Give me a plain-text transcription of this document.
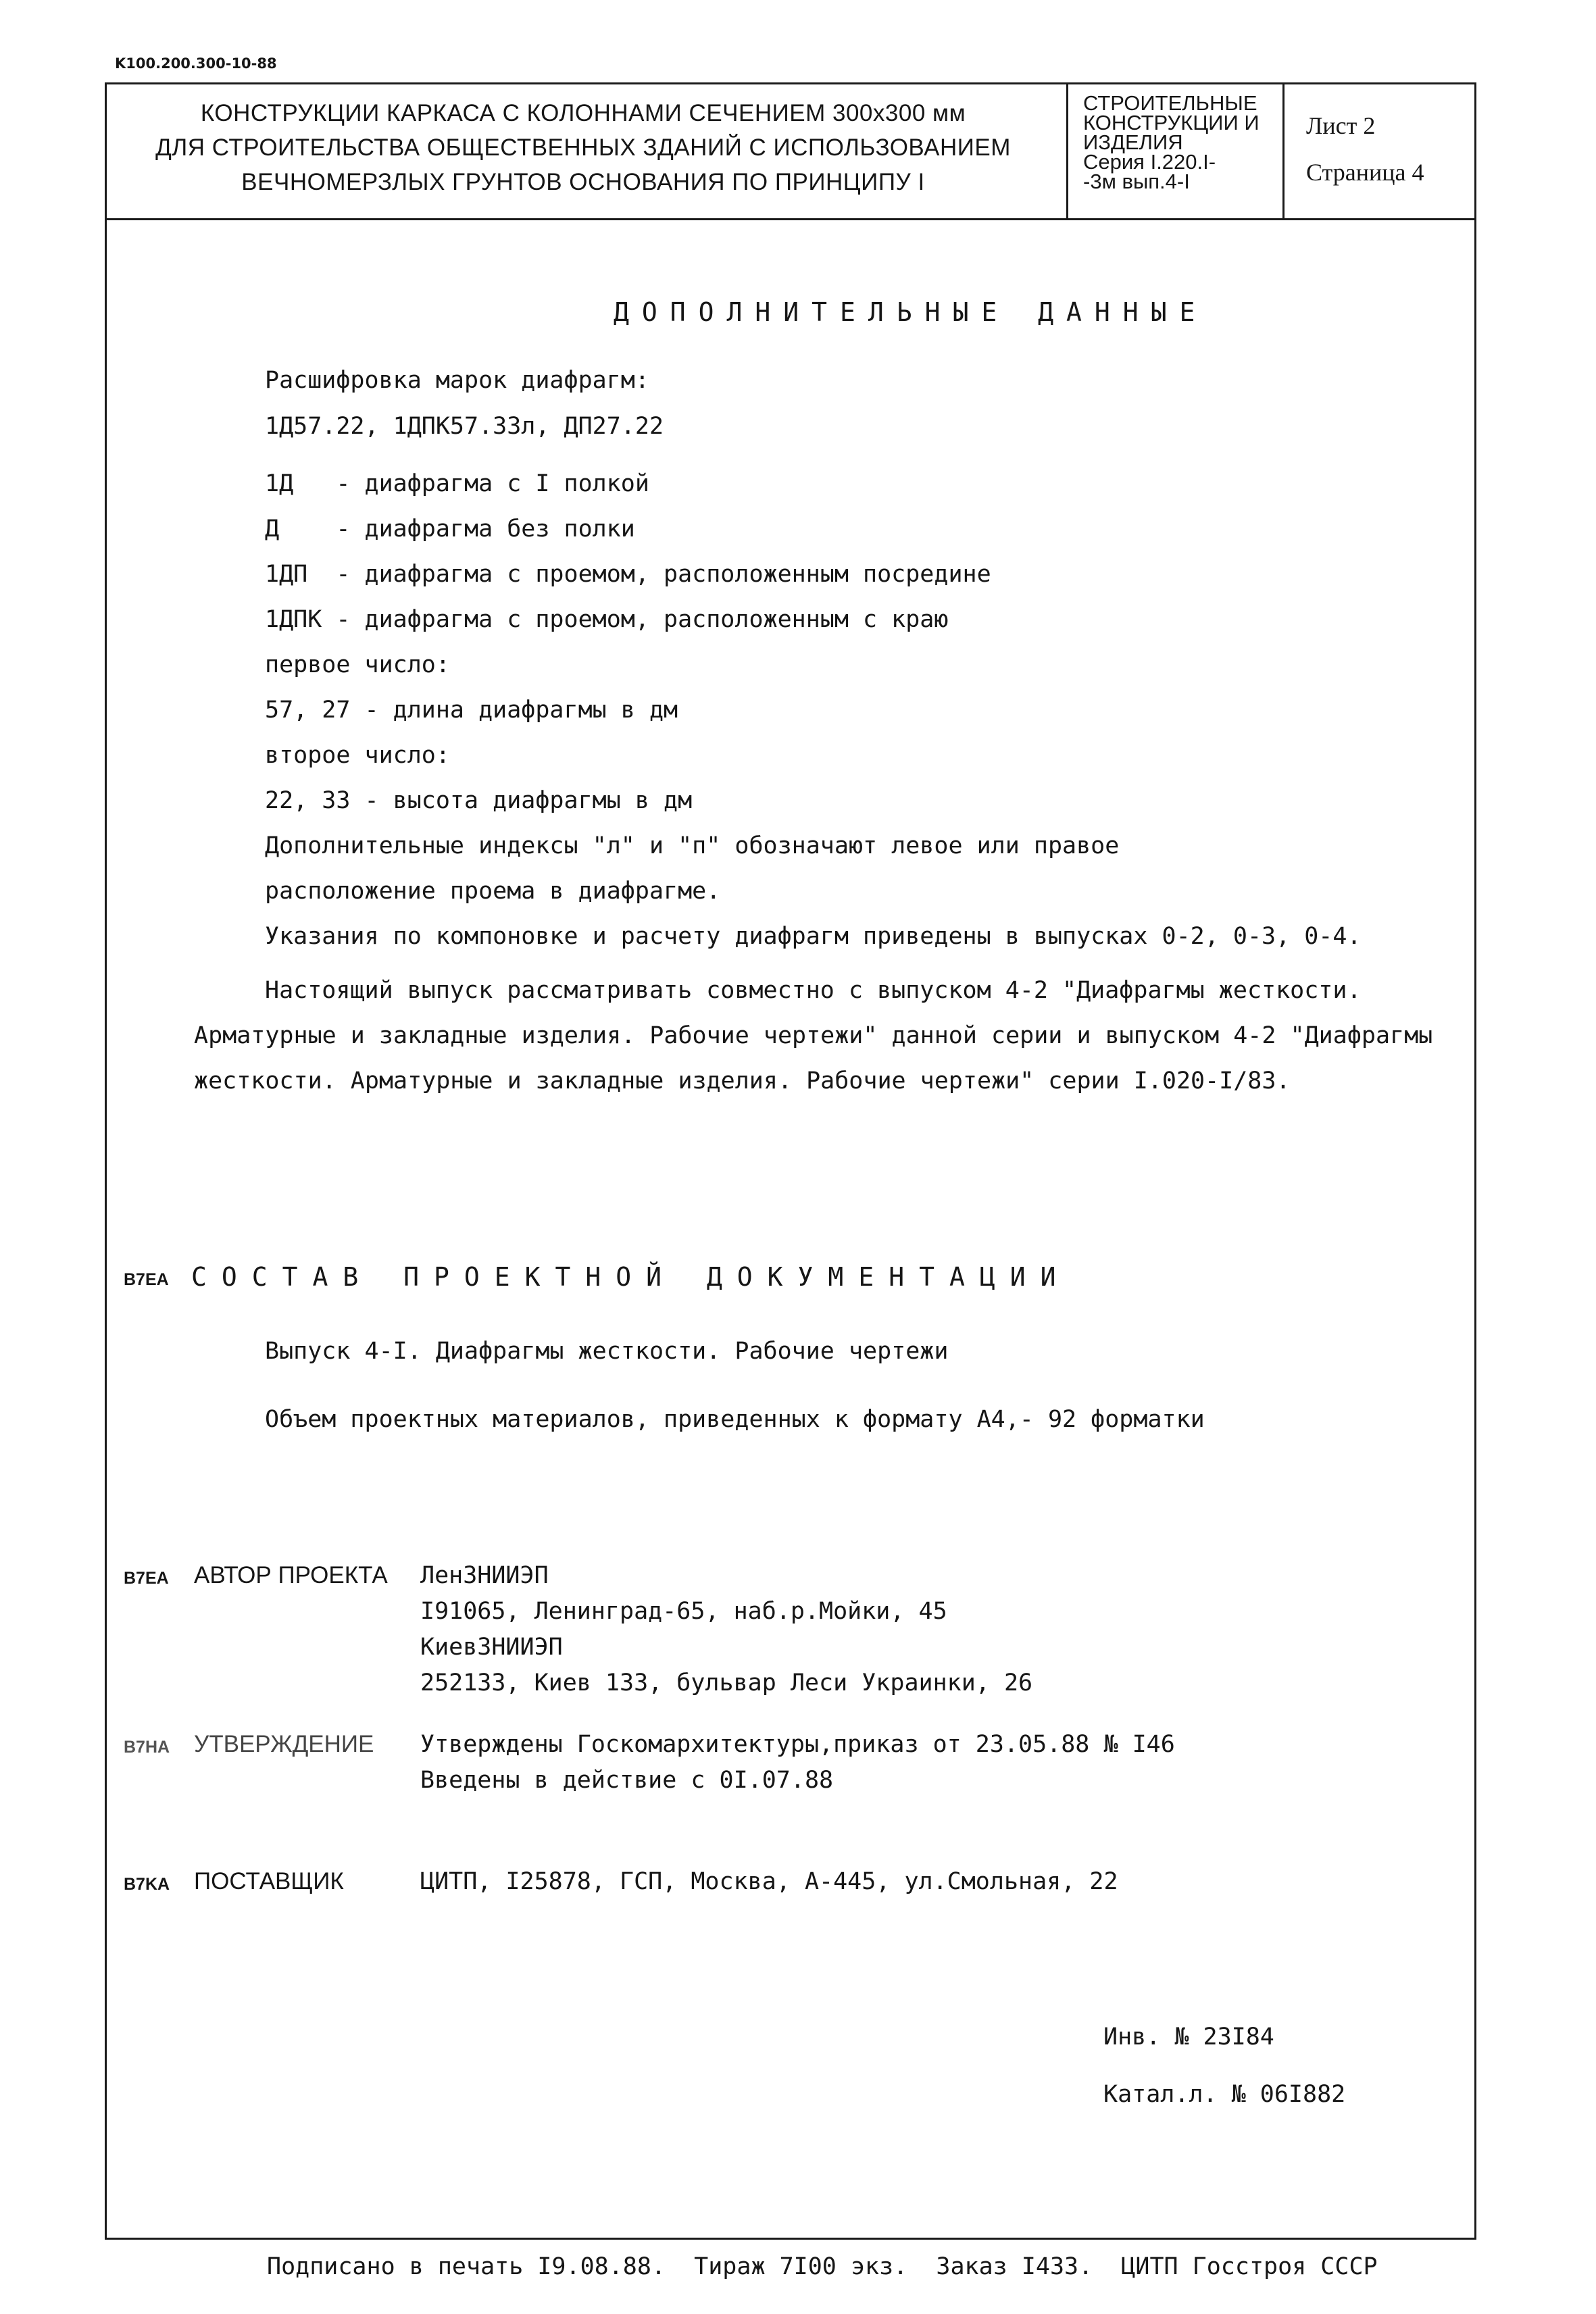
K100.200.300-10-88
КОНСТРУКЦИИ КАРКАСА С КОЛОННАМИ СЕЧЕНИЕМ 300x300 мм
ДЛЯ СТРОИТЕЛЬСТВА ОБЩЕСТВЕННЫХ ЗДАНИЙ С ИСПОЛЬЗОВАНИЕМ
ВЕЧНОМЕРЗЛЫХ ГРУНТОВ ОСНОВАНИЯ ПО ПРИНЦИПУ I
СТРОИТЕЛЬНЫЕ
КОНСТРУКЦИИ И
ИЗДЕЛИЯ
Серия I.220.I-
-3м вып.4-I
Лист 2
Страница 4
ДОПОЛНИТЕЛЬНЫЕ ДАННЫЕ
Расшифровка марок диафрагм:
1Д57.22, 1ДПК57.33л, ДП27.22
1Д   - диафрагма с I полкой
Д    - диафрагма без полки
1ДП  - диафрагма с проемом, расположенным посредине
1ДПК - диафрагма с проемом, расположенным с краю
первое число:
57, 27 - длина диафрагмы в дм
второе число:
22, 33 - высота диафрагмы в дм
Дополнительные индексы "л" и "п" обозначают левое или правое
расположение проема в диафрагме.
Указания по компоновке и расчету диафрагм приведены в выпусках 0-2, 0-3, 0-4.
Настоящий выпуск рассматривать совместно с выпуском 4-2 "Диафрагмы жесткости.
Арматурные и закладные изделия. Рабочие чертежи" данной серии и выпуском 4-2 "Диафрагмы
жесткости. Арматурные и закладные изделия. Рабочие чертежи" серии I.020-I/83.
B7EA СОСТАВ ПРОЕКТНОЙ ДОКУМЕНТАЦИИ
Выпуск 4-I. Диафрагмы жесткости. Рабочие чертежи
Объем проектных материалов, приведенных к формату А4,- 92 форматки
B7EA АВТОР ПРОЕКТА ЛенЗНИИЭП
I91065, Ленинград-65, наб.р.Мойки, 45
КиевЗНИИЭП
252133, Киев 133, бульвар Леси Украинки, 26
B7HA УТВЕРЖДЕНИЕ Утверждены Госкомархитектуры,приказ от 23.05.88 № I46
Введены в действие с 0I.07.88
B7KA ПОСТАВЩИК	ЦИТП, I25878, ГСП, Москва, А-445, ул.Смольная, 22
Инв. № 23I84
Катал.л. № 06I882
Подписано в печать I9.08.88.  Тираж 7I00 экз.  Заказ I433.  ЦИТП Госстроя СССР
